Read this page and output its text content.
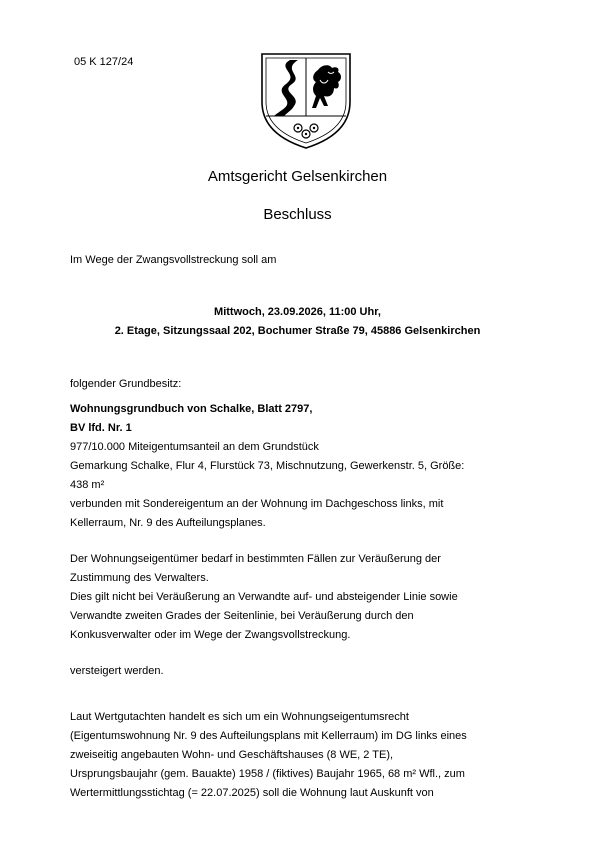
05 K 127/24
Amtsgericht Gelsenkirchen
Beschluss
Im Wege der Zwangsvollstreckung soll am
Mittwoch, 23.09.2026, 11:00 Uhr,
2. Etage, Sitzungssaal 202, Bochumer Straße 79, 45886 Gelsenkirchen
folgender Grundbesitz:
Wohnungsgrundbuch von Schalke, Blatt 2797,
BV lfd. Nr. 1
977/10.000 Miteigentumsanteil an dem Grundstück
Gemarkung Schalke, Flur 4, Flurstück 73, Mischnutzung, Gewerkenstr. 5, Größe:
438 m²
verbunden mit Sondereigentum an der Wohnung im Dachgeschoss links, mit
Kellerraum, Nr. 9 des Aufteilungsplanes.
Der Wohnungseigentümer bedarf in bestimmten Fällen zur Veräußerung der
Zustimmung des Verwalters.
Dies gilt nicht bei Veräußerung an Verwandte auf- und absteigender Linie sowie
Verwandte zweiten Grades der Seitenlinie, bei Veräußerung durch den
Konkusverwalter oder im Wege der Zwangsvollstreckung.
versteigert werden.
Laut Wertgutachten handelt es sich um ein Wohnungseigentumsrecht
(Eigentumswohnung Nr. 9 des Aufteilungsplans mit Kellerraum) im DG links eines
zweiseitig angebauten Wohn- und Geschäftshauses (8 WE, 2 TE),
Ursprungsbaujahr (gem. Bauakte) 1958 / (fiktives) Baujahr 1965, 68 m² Wfl., zum
Wertermittlungsstichtag (= 22.07.2025) soll die Wohnung laut Auskunft von
